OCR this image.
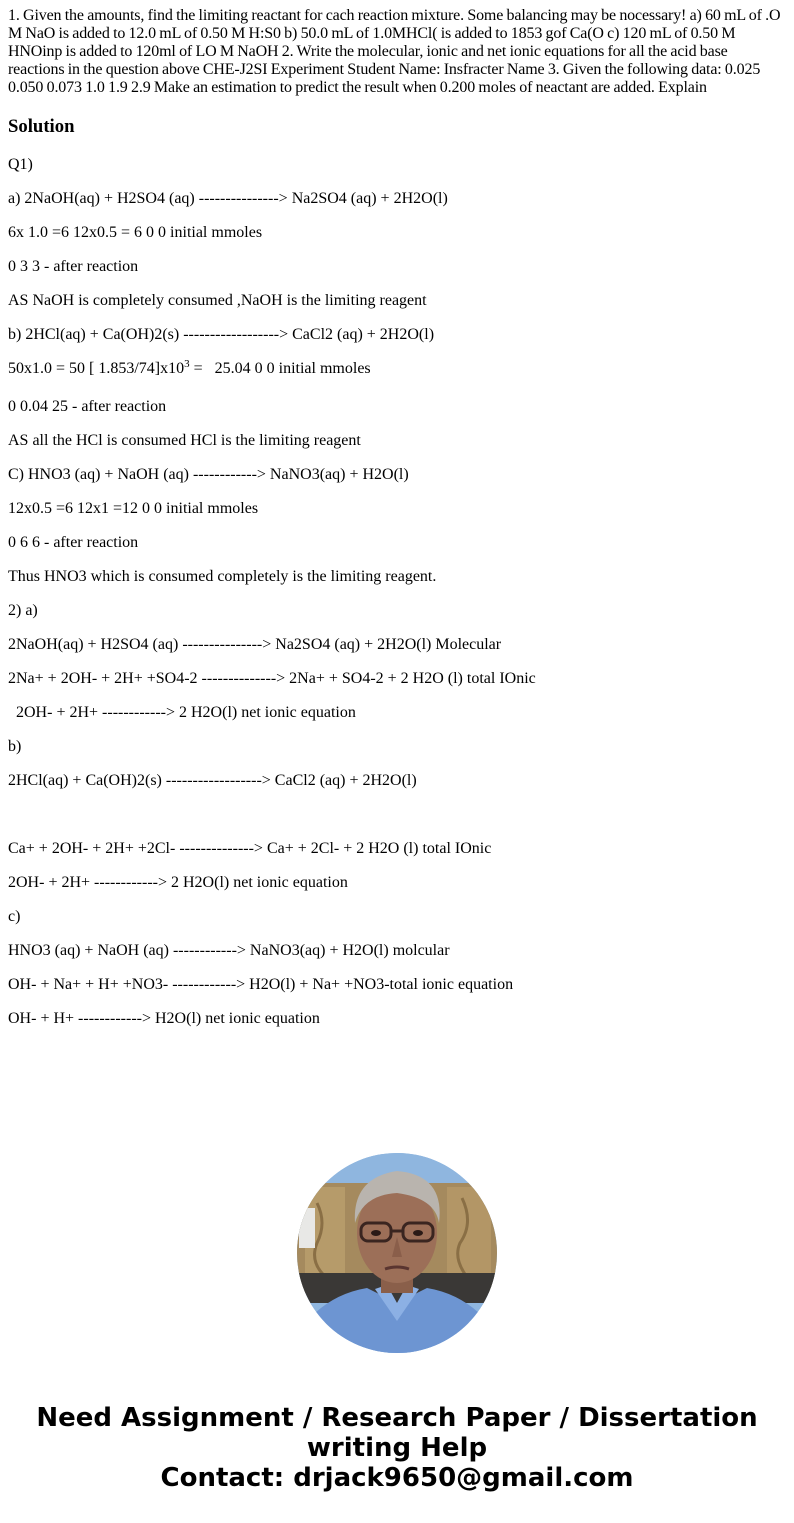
1. Given the amounts, find the limiting reactant for cach reaction mixture. Some balancing may be nocessary! a) 60 mL of .O M NaO is added to 12.0 mL of 0.50 M H:S0 b) 50.0 mL of 1.0MHCl( is added to 1853 gof Ca(O c) 120 mL of 0.50 M HNOinp is added to 120ml of LO M NaOH 2. Write the molecular, ionic and net ionic equations for all the acid base reactions in the question above CHE-J2SI Experiment Student Name: Insfracter Name 3. Given the following data: 0.025 0.050 0.073 1.0 1.9 2.9 Make an estimation to predict the result when 0.200 moles of neactant are added. Explain
Solution

Q1)

a) 2NaOH(aq) + H2SO4 (aq) ---------------> Na2SO4 (aq) + 2H2O(l)

6x 1.0 =6 12x0.5 = 6 0 0 initial mmoles

0 3 3 - after reaction

AS NaOH is completely consumed ,NaOH is the limiting reagent

b) 2HCl(aq) + Ca(OH)2(s) ------------------> CaCl2 (aq) + 2H2O(l)

50x1.0 = 50 [ $1.853/74]x10^3 = 25.04$ 0 0 initial mmoles

0 0.04 25 - after reaction

AS all the HCl is consumed HCl is the limiting reagent

C) HNO3 (aq) + NaOH (aq) ------------> NaNO3(aq) + H2O(l)

12x0.5 =6 12x1 =12 0 0 initial mmoles

0 6 6 - after reaction

Thus HNO3 which is consumed completely is the limiting reagent.

2) a)

2NaOH(aq) + H2SO4 (aq) ---------------> Na2SO4 (aq) + 2H2O(l) Molecular

2Na+ + 2OH- + 2H+ +SO4-2 --------------> 2Na+ + SO4-2 + 2 H2O (l) total IOnic

2OH- + 2H+ ------------> 2 H2O(l) net ionic equation

b)

2HCl(aq) + Ca(OH)2(s) ------------------> CaCl2 (aq) + 2H2O(l)

Ca+ + 2OH- + 2H+ +2Cl- --------------> Ca+ + 2Cl- + 2 H2O (l) total IOnic

2OH- + 2H+ ------------> 2 H2O(l) net ionic equation

c)

HNO3 (aq) + NaOH (aq) ------------> NaNO3(aq) + H2O(l) molcular

OH- + Na+ + H+ +NO3- ------------> H2O(l) + Na+ +NO3-total ionic equation

OH- + H+ ------------> H2O(l) net ionic equation

Need Assignment / Research Paper / Dissertation
writing Help
Contact: drjack9650@gmail.com
